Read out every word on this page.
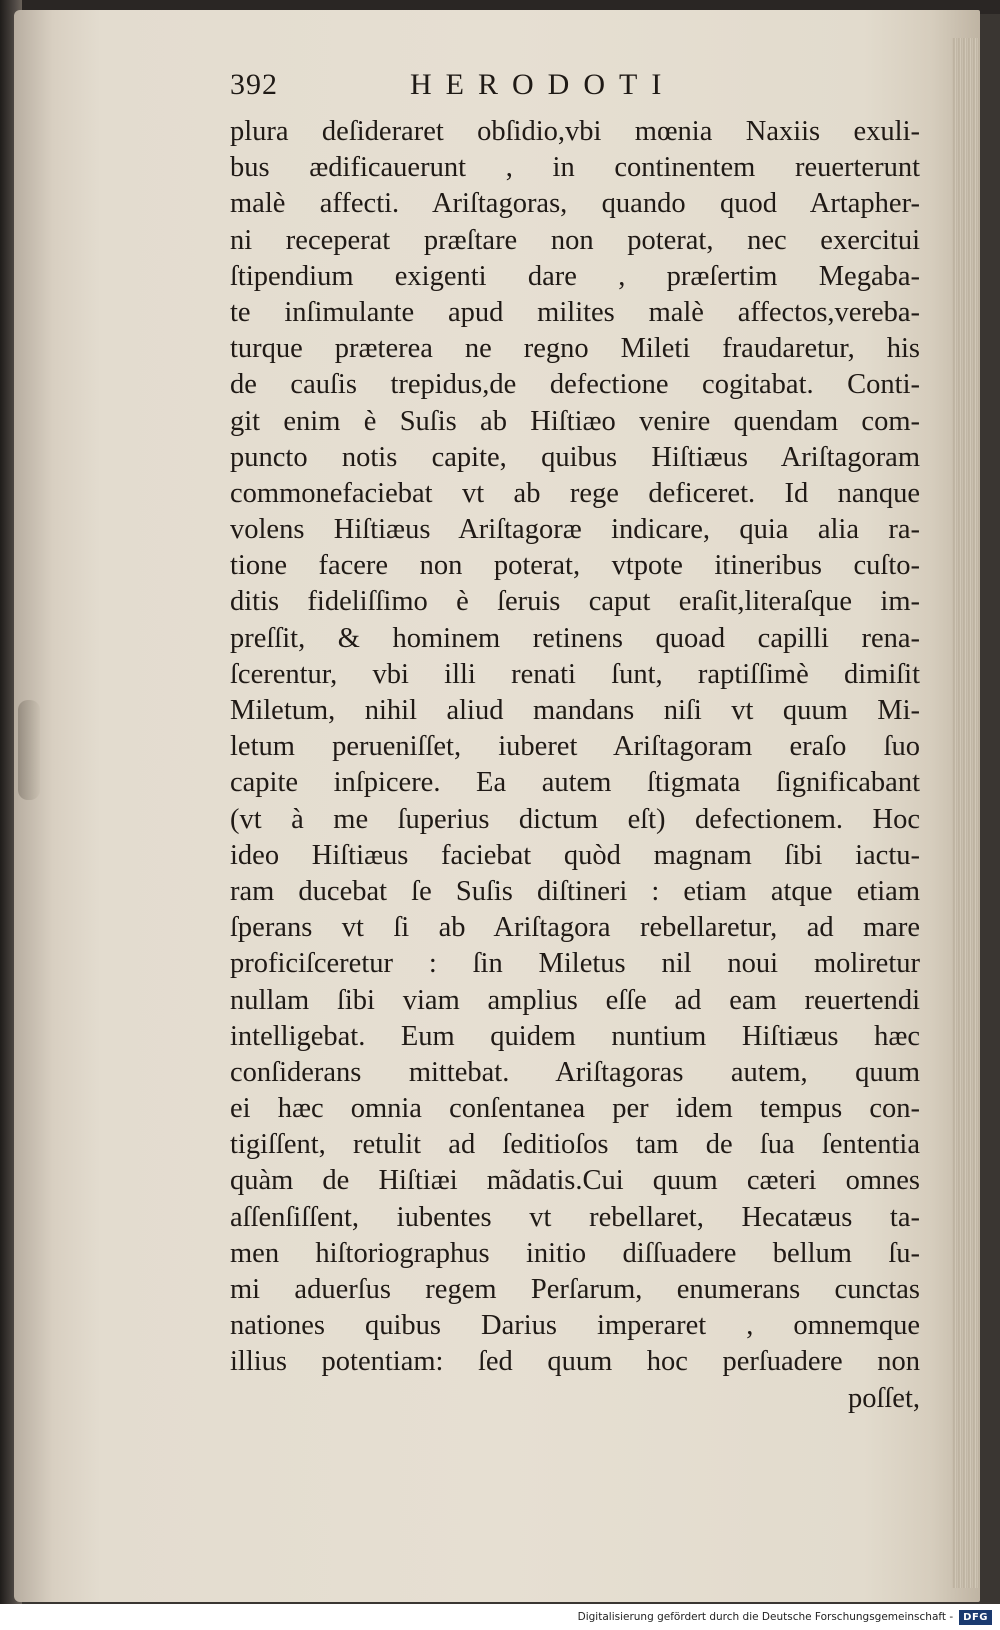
392	HERODOTI
plura deſideraret obſidio,vbi mœnia Naxiis exuli-
bus ædificauerunt , in continentem reuerterunt
malè affecti. Ariſtagoras, quando quod Artapher-
ni receperat præſtare non poterat, nec exercitui
ſtipendium exigenti dare , præſertim Megaba-
te inſimulante apud milites malè affectos,vereba-
turque præterea ne regno Mileti fraudaretur, his
de cauſis trepidus,de defectione cogitabat. Conti-
git enim è Suſis ab Hiſtiæo venire quendam com-
puncto notis capite, quibus Hiſtiæus Ariſtagoram
commonefaciebat vt ab rege deficeret. Id nanque
volens Hiſtiæus Ariſtagoræ indicare, quia alia ra-
tione facere non poterat, vtpote itineribus cuſto-
ditis fideliſſimo è ſeruis caput eraſit,literaſque im-
preſſit, & hominem retinens quoad capilli rena-
ſcerentur, vbi illi renati ſunt, raptiſſimè dimiſit
Miletum, nihil aliud mandans niſi vt quum Mi-
letum perueniſſet, iuberet Ariſtagoram eraſo ſuo
capite inſpicere. Ea autem ſtigmata ſignificabant
(vt à me ſuperius dictum eſt) defectionem. Hoc
ideo Hiſtiæus faciebat quòd magnam ſibi iactu-
ram ducebat ſe Suſis diſtineri : etiam atque etiam
ſperans vt ſi ab Ariſtagora rebellaretur, ad mare
proficiſceretur : ſin Miletus nil noui moliretur
nullam ſibi viam amplius eſſe ad eam reuertendi
intelligebat. Eum quidem nuntium Hiſtiæus hæc
conſiderans mittebat. Ariſtagoras autem, quum
ei hæc omnia conſentanea per idem tempus con-
tigiſſent, retulit ad ſeditioſos tam de ſua ſententia
quàm de Hiſtiæi mãdatis.Cui quum cæteri omnes
aſſenſiſſent, iubentes vt rebellaret, Hecatæus ta-
men hiſtoriographus initio diſſuadere bellum ſu-
mi aduerſus regem Perſarum, enumerans cunctas
nationes quibus Darius imperaret , omnemque
illius potentiam: ſed quum hoc perſuadere non
poſſet,
Digitalisierung gefördert durch die Deutsche Forschungsgemeinschaft -	DFG
